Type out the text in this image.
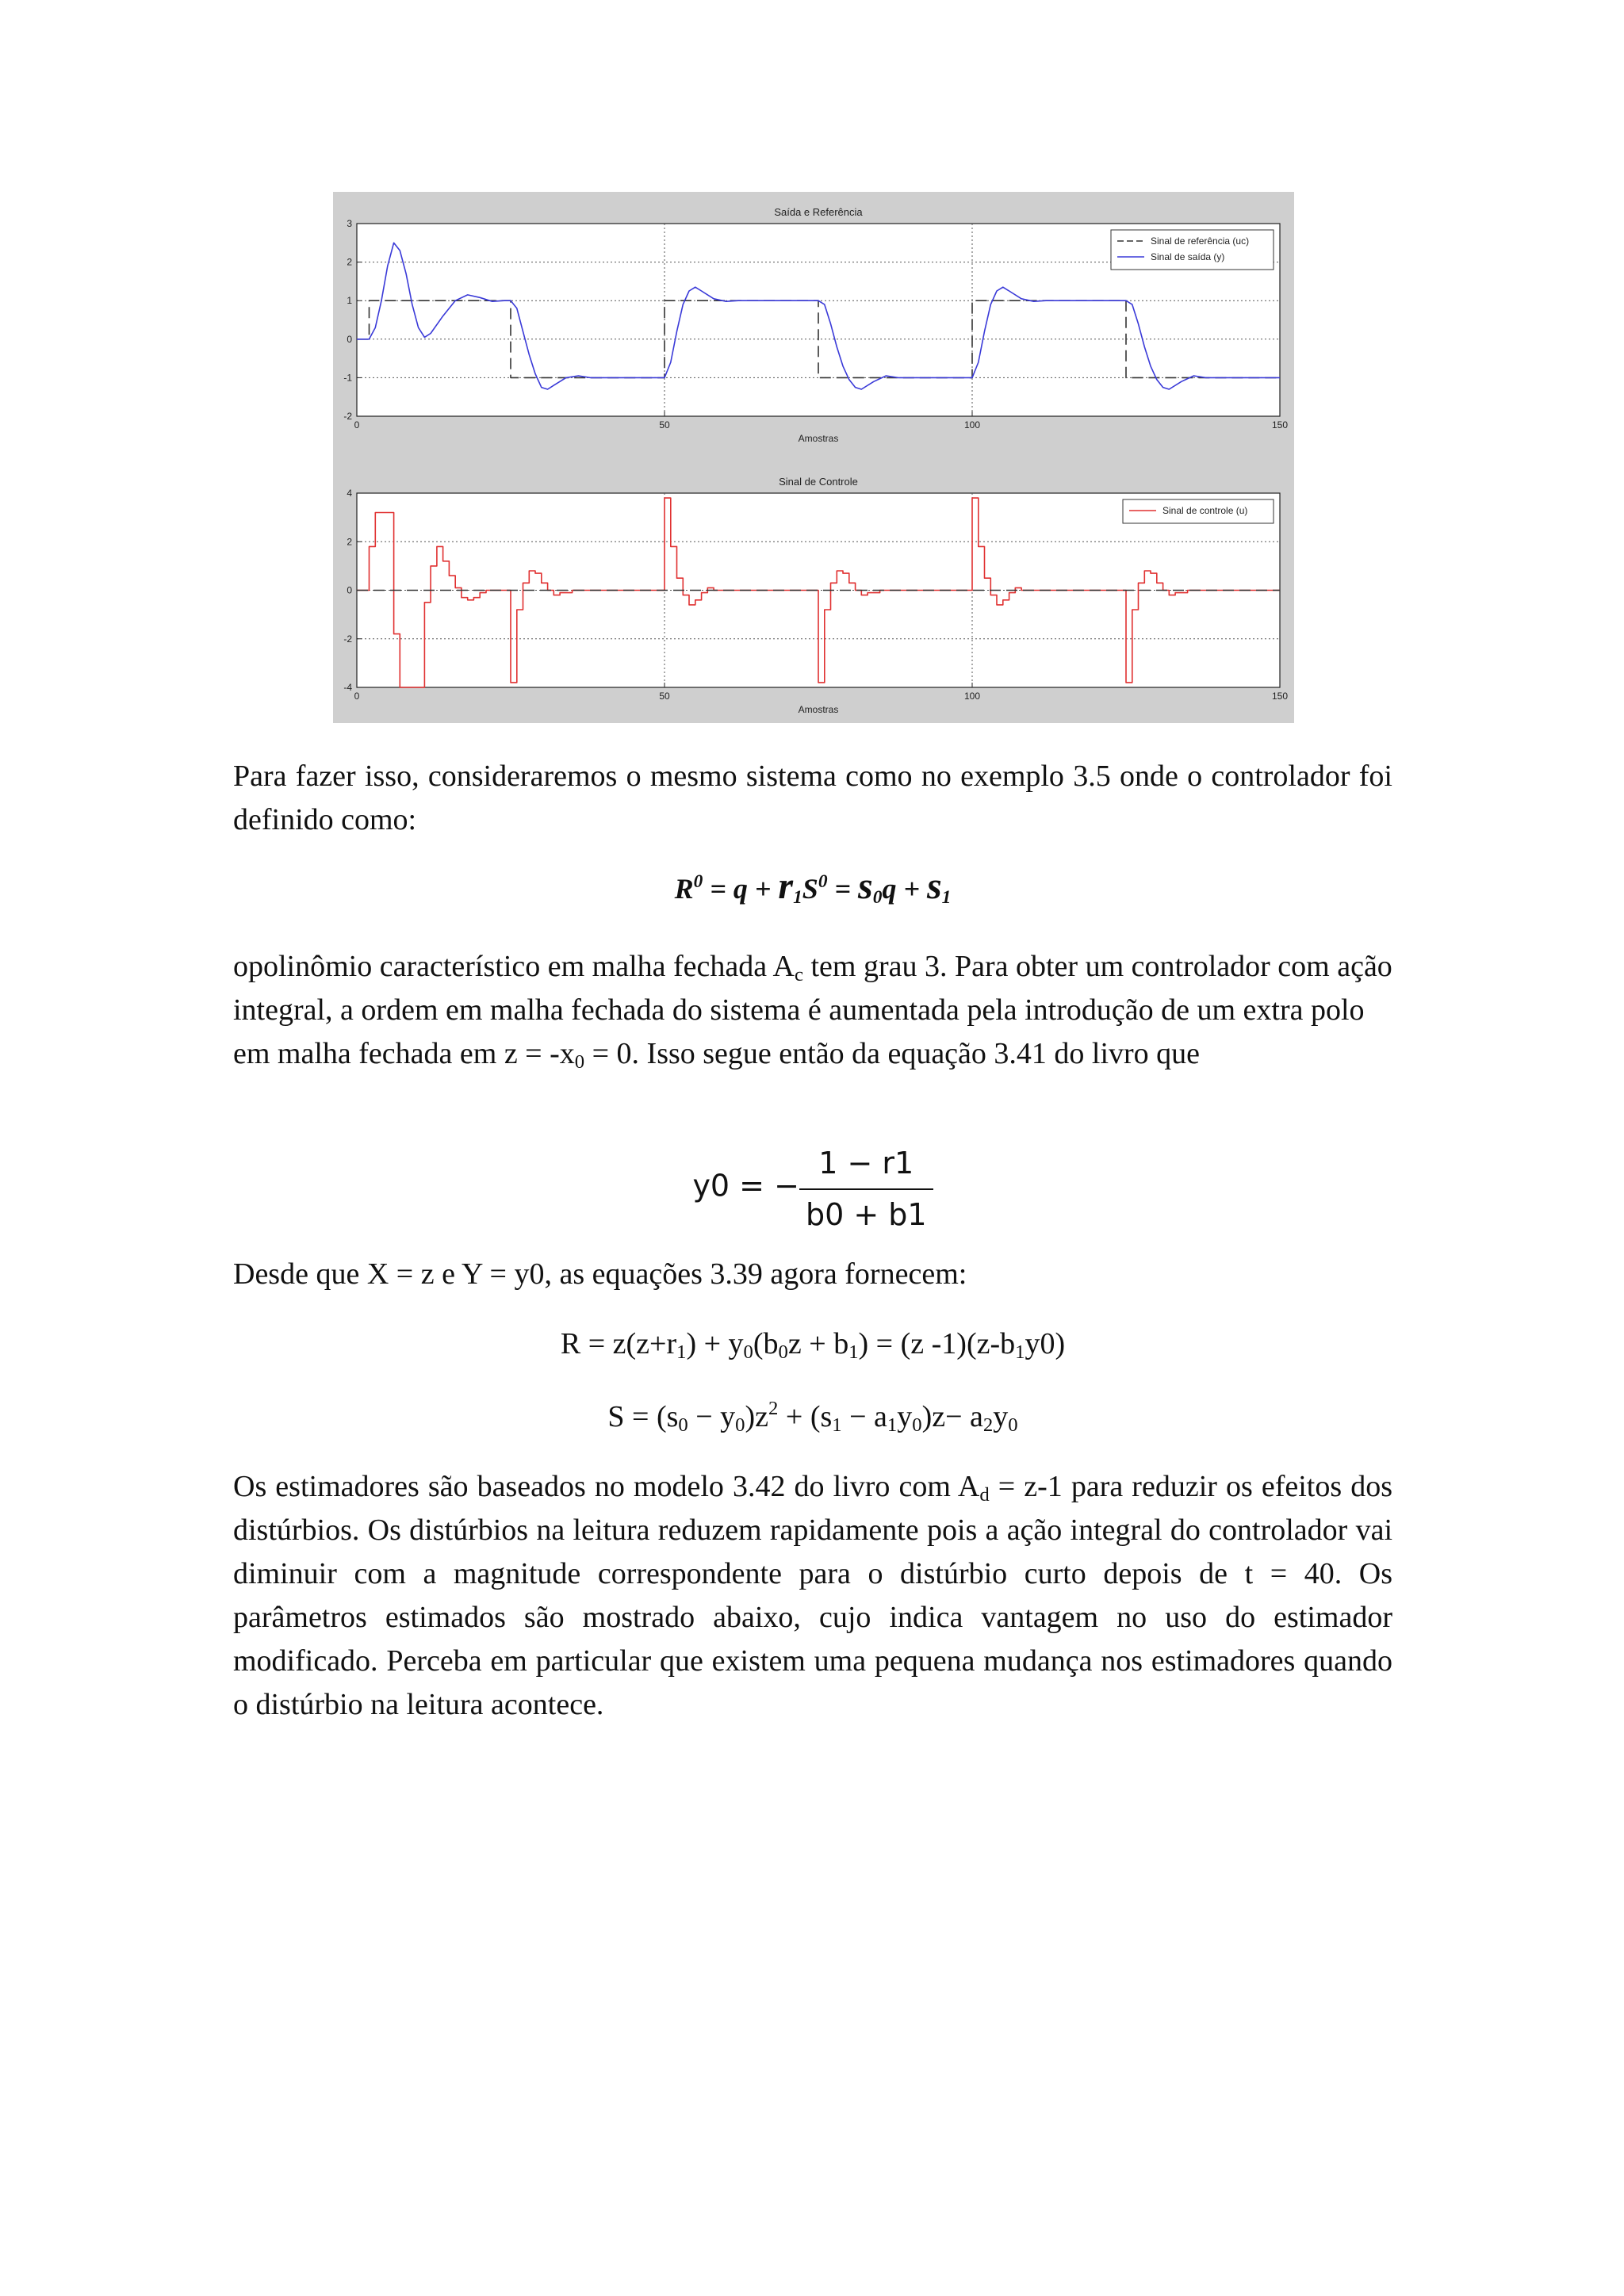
0	50	100	150
-2
-1
0
1
2
3
Saída e Referência
Amostras
Sinal de referência (uc)
Sinal de saída (y)
0	50	100	150
-4
-2
0
2
4
Sinal de Controle
Amostras
Sinal de controle (u)

Para fazer isso, consideraremos o mesmo sistema como no exemplo 3.5 onde o controlador foi definido como:

$R^0 = q + r_1S^0 = s_0q + s_1$

opolinômio característico em malha fechada $A_c$ tem grau 3. Para obter um controlador com ação integral, a ordem em malha fechada do sistema é aumentada pela introdução de um extra polo em malha fechada em $z = -x_0 = 0$. Isso segue então da equação 3.41 do livro que

y0 = − $\frac{1 - r1}{b0 + b1}$

Desde que X = z e Y = y0, as equações 3.39 agora fornecem:

$R = z(z+r_1) + y_0(b_0z + b_1) = (z$ $-1)(z-b_1y0)$

$S = (s_0 - y_0)z^2 + (s_1 - a_1y_0)z- a_2y_0$

Os estimadores são baseados no modelo 3.42 do livro com $A_d = z-1$ para reduzir os efeitos dos distúrbios. Os distúrbios na leitura reduzem rapidamente pois a ação integral do controlador vai diminuir com a magnitude correspondente para o distúrbio curto depois de t = 40. Os parâmetros estimados são mostrado abaixo, cujo indica vantagem no uso do estimador modificado. Perceba em particular que existem uma pequena mudança nos estimadores quando o distúrbio na leitura acontece.
